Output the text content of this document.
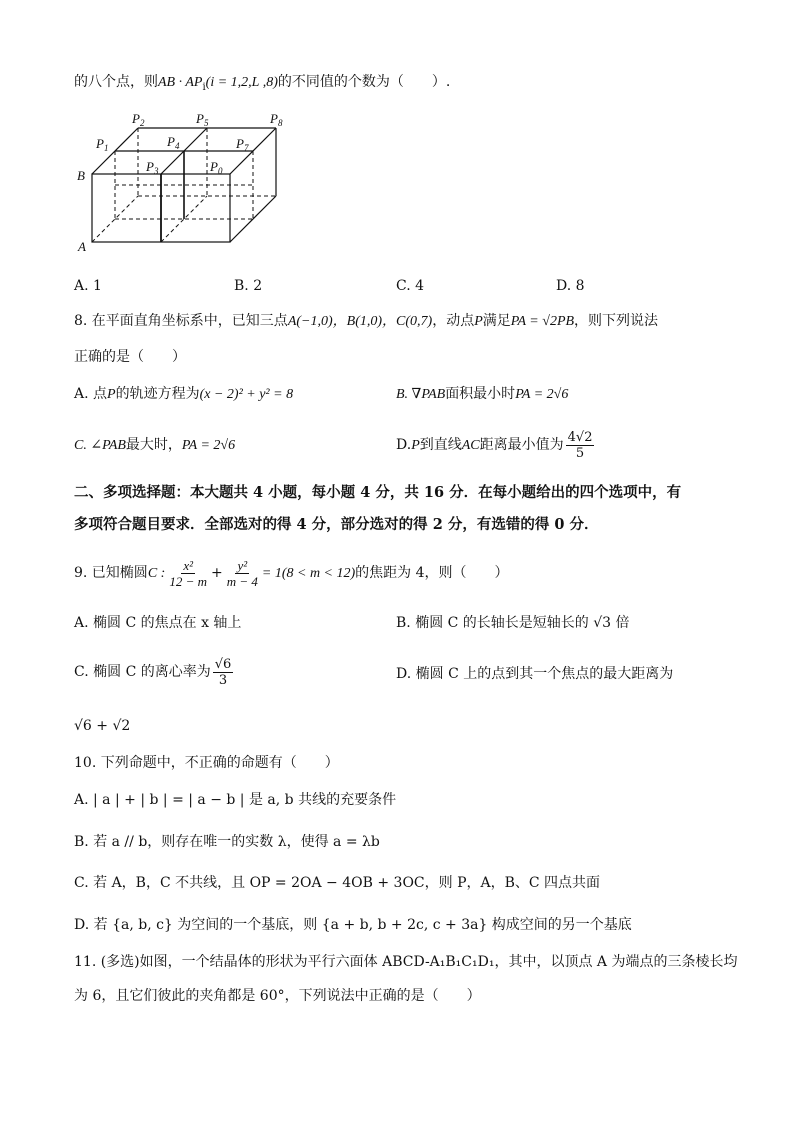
的八个点，则AB · $AP_i(i = 1,2,L$ ,8)的不同值的个数为（　　）.
$P_2$	$P_5$	$P_8$
$P_1$	$P_4$	$P_7$
$P_3$	$P_0$
B
A
A. 1	B. 2	C. 4	D. 8
8. 在平面直角坐标系中，已知三点A(−1,0)，B(1,0)，C(0,7)，动点P满足PA = √2PB，则下列说法
正确的是（　　）
A. 点P的轨迹方程为(x − 2)² + y² = 8	B. ∇PAB面积最小时PA = 2√6
C. ∠PAB最大时，PA = 2√6	D.P到直线AC距离最小值为 $\frac{4√2}{5}$
二、多项选择题：本大题共 4 小题，每小题 4 分，共 16 分．在每小题给出的四个选项中，有
多项符合题目要求．全部选对的得 4 分，部分选对的得 2 分，有选错的得 0 分．
9. 已知椭圆C : $\frac{\text{x²}}{12 - m} + \frac{\text{y²}}{m - 4} = 1(8 < m < 12)$的焦距为 4，则（　　）
A. 椭圆 C 的焦点在 x 轴上	B. 椭圆 C 的长轴长是短轴长的 √3 倍
C. 椭圆 C 的离心率为 $\frac{√6}{3}$	D. 椭圆 C 上的点到其一个焦点的最大距离为
√6 + √2
10. 下列命题中，不正确的命题有（　　）
A. | a | + | b | = | a − b | 是 a, b 共线的充要条件
B. 若 a // b，则存在唯一的实数 λ，使得 a = λb
C. 若 A，B，C 不共线，且 OP = 2OA − 4OB + 3OC，则 P，A，B、C 四点共面
D. 若 {a, b, c} 为空间的一个基底，则 {a + b, b + 2c, c + 3a} 构成空间的另一个基底
11. (多选)如图，一个结晶体的形状为平行六面体 ABCD-A₁B₁C₁D₁，其中，以顶点 A 为端点的三条棱长均
为 6，且它们彼此的夹角都是 60°，下列说法中正确的是（　　）
